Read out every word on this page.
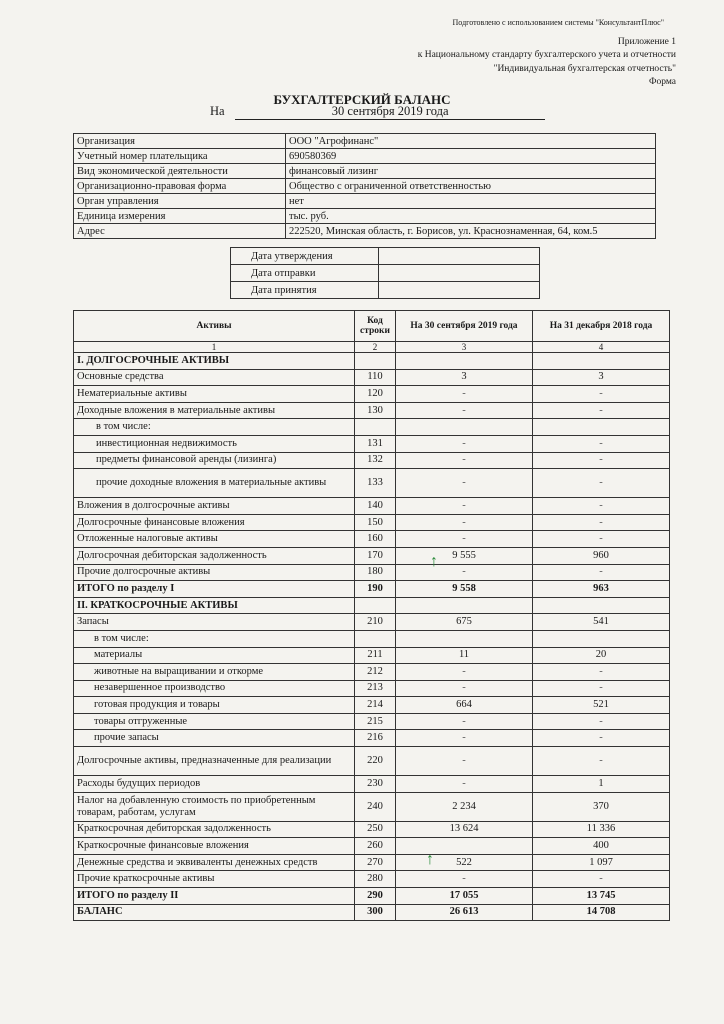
Подготовлено с использованием системы "КонсультантПлюс"
Приложение 1
к Национальному стандарту бухгалтерского учета и отчетности
"Индивидуальная бухгалтерская отчетность"
Форма
БУХГАЛТЕРСКИЙ БАЛАНС
На	30 сентября 2019 года
Организация	ООО "Агрофинанс"
Учетный номер плательщика	690580369
Вид экономической деятельности	финансовый лизинг
Организационно-правовая форма	Общество с ограниченной ответственностью
Орган управления	нет
Единица измерения	тыс. руб.
Адрес	222520, Минская область, г. Борисов, ул. Краснознаменная, 64, ком.5
Дата утверждения	
Дата отправки	
Дата принятия	
Активы	Код строки	На 30 сентября 2019 года	На 31 декабря 2018 года
1	2	3	4
I. ДОЛГОСРОЧНЫЕ АКТИВЫ			
Основные средства	110	3	3
Нематериальные активы	120	-	-
Доходные вложения в материальные активы	130	-	-
в том числе:			
инвестиционная недвижимость	131	-	-
предметы финансовой аренды (лизинга)	132	-	-
прочие доходные вложения в материальные активы	133	-	-
Вложения в долгосрочные активы	140	-	-
Долгосрочные финансовые вложения	150	-	-
Отложенные налоговые активы	160	-	-
Долгосрочная дебиторская задолженность	170	9 555	960
Прочие долгосрочные активы	180	-	-
ИТОГО по разделу I	190	9 558	963
II. КРАТКОСРОЧНЫЕ АКТИВЫ			
Запасы	210	675	541
в том числе:			
материалы	211	11	20
животные на выращивании и откорме	212	-	-
незавершенное производство	213	-	-
готовая продукция и товары	214	664	521
товары отгруженные	215	-	-
прочие запасы	216	-	-
Долгосрочные активы, предназначенные для реализации	220	-	-
Расходы будущих периодов	230	-	1
Налог на добавленную стоимость по приобретенным товарам, работам, услугам	240	2 234	370
Краткосрочная дебиторская задолженность	250	13 624	11 336
Краткосрочные финансовые вложения	260		400
Денежные средства и эквиваленты денежных средств	270	522	1 097
Прочие краткосрочные активы	280	-	-
ИТОГО по разделу II	290	17 055	13 745
БАЛАНС	300	26 613	14 708
↑
↑
